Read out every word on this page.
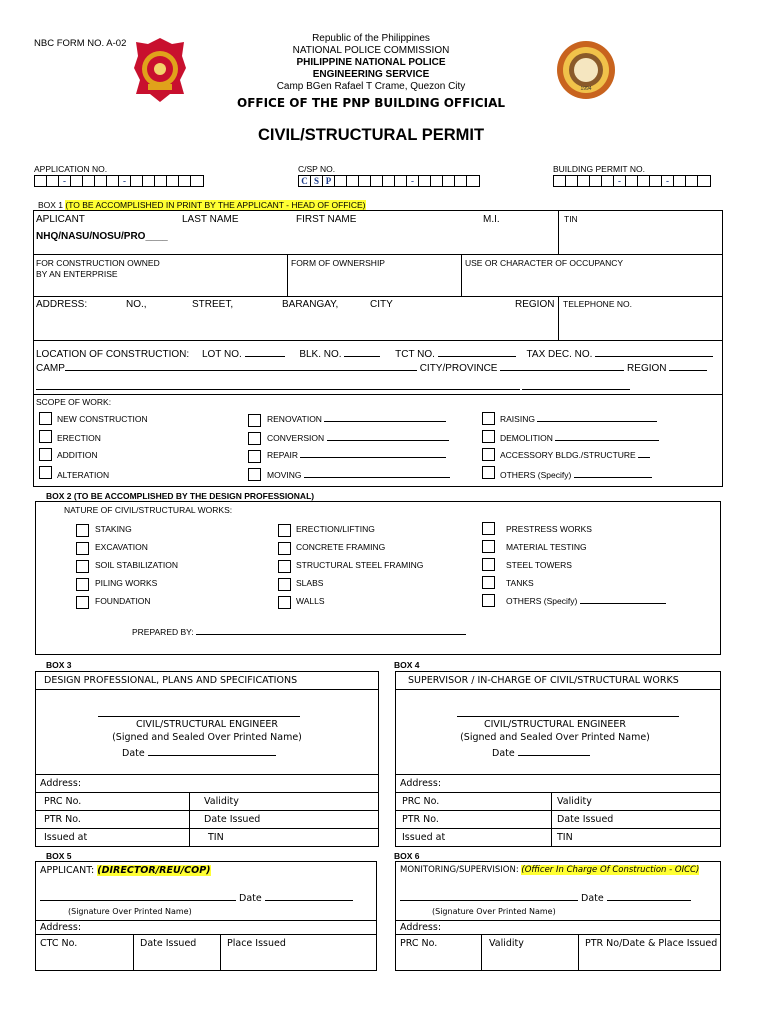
NBC FORM NO. A-02	Republic of the Philippines
NATIONAL POLICE COMMISSION
PHILIPPINE NATIONAL POLICE
ENGINEERING SERVICE
Camp BGen Rafael T Crame, Quezon City
OFFICE OF THE PNP BUILDING OFFICIAL
CIVIL/STRUCTURAL PERMIT
1994
APPLICATION NO.
-	-
C/SP NO.
C S P	-
BUILDING PERMIT NO.
-	-
BOX 1 (TO BE ACCOMPLISHED IN PRINT BY THE APPLICANT - HEAD OF OFFICE)
APLICANT	LAST NAME	FIRST NAME	M.I.	TIN
NHQ/NASU/NOSU/PRO____
FOR CONSTRUCTION OWNED
BY AN ENTERPRISE
FORM OF OWNERSHIP	USE OR CHARACTER OF OCCUPANCY
ADDRESS:	NO.,	STREET,	BARANGAY,	CITY	REGION TELEPHONE NO.
LOCATION OF CONSTRUCTION: LOT NO.	BLK. NO.	TCT NO.	TAX DEC. NO.
CAMP	CITY/PROVINCE	REGION
SCOPE OF WORK:
NEW CONSTRUCTION
ERECTION
ADDITION
ALTERATION
RENOVATION
CONVERSION
REPAIR
MOVING
RAISING
DEMOLITION
ACCESSORY BLDG./STRUCTURE
OTHERS (Specify)
BOX 2 (TO BE ACCOMPLISHED BY THE DESIGN PROFESSIONAL)
NATURE OF CIVIL/STRUCTURAL WORKS:
STAKING
EXCAVATION
SOIL STABILIZATION
PILING WORKS
FOUNDATION
ERECTION/LIFTING
CONCRETE FRAMING
STRUCTURAL STEEL FRAMING
SLABS
WALLS
PRESTRESS WORKS
MATERIAL TESTING
STEEL TOWERS
TANKS
OTHERS (Specify)
PREPARED BY:
BOX 3
DESIGN PROFESSIONAL, PLANS AND SPECIFICATIONS
CIVIL/STRUCTURAL ENGINEER
(Signed and Sealed Over Printed Name)
Date
Address:
PRC No.	Validity
PTR No.	Date Issued
Issued at	TIN
BOX 4
SUPERVISOR / IN-CHARGE OF CIVIL/STRUCTURAL WORKS
CIVIL/STRUCTURAL ENGINEER
(Signed and Sealed Over Printed Name)
Date
Address:
PRC No.	Validity
PTR No.	Date Issued
Issued at	TIN
BOX 5
APPLICANT: (DIRECTOR/REU/COP)
Date
(Signature Over Printed Name)
Address:
CTC No.	Date Issued	Place Issued
BOX 6
MONITORING/SUPERVISION: (Officer In Charge Of Construction - OICC)
Date
(Signature Over Printed Name)
Address:
PRC No.	Validity	PTR No/Date & Place Issued
